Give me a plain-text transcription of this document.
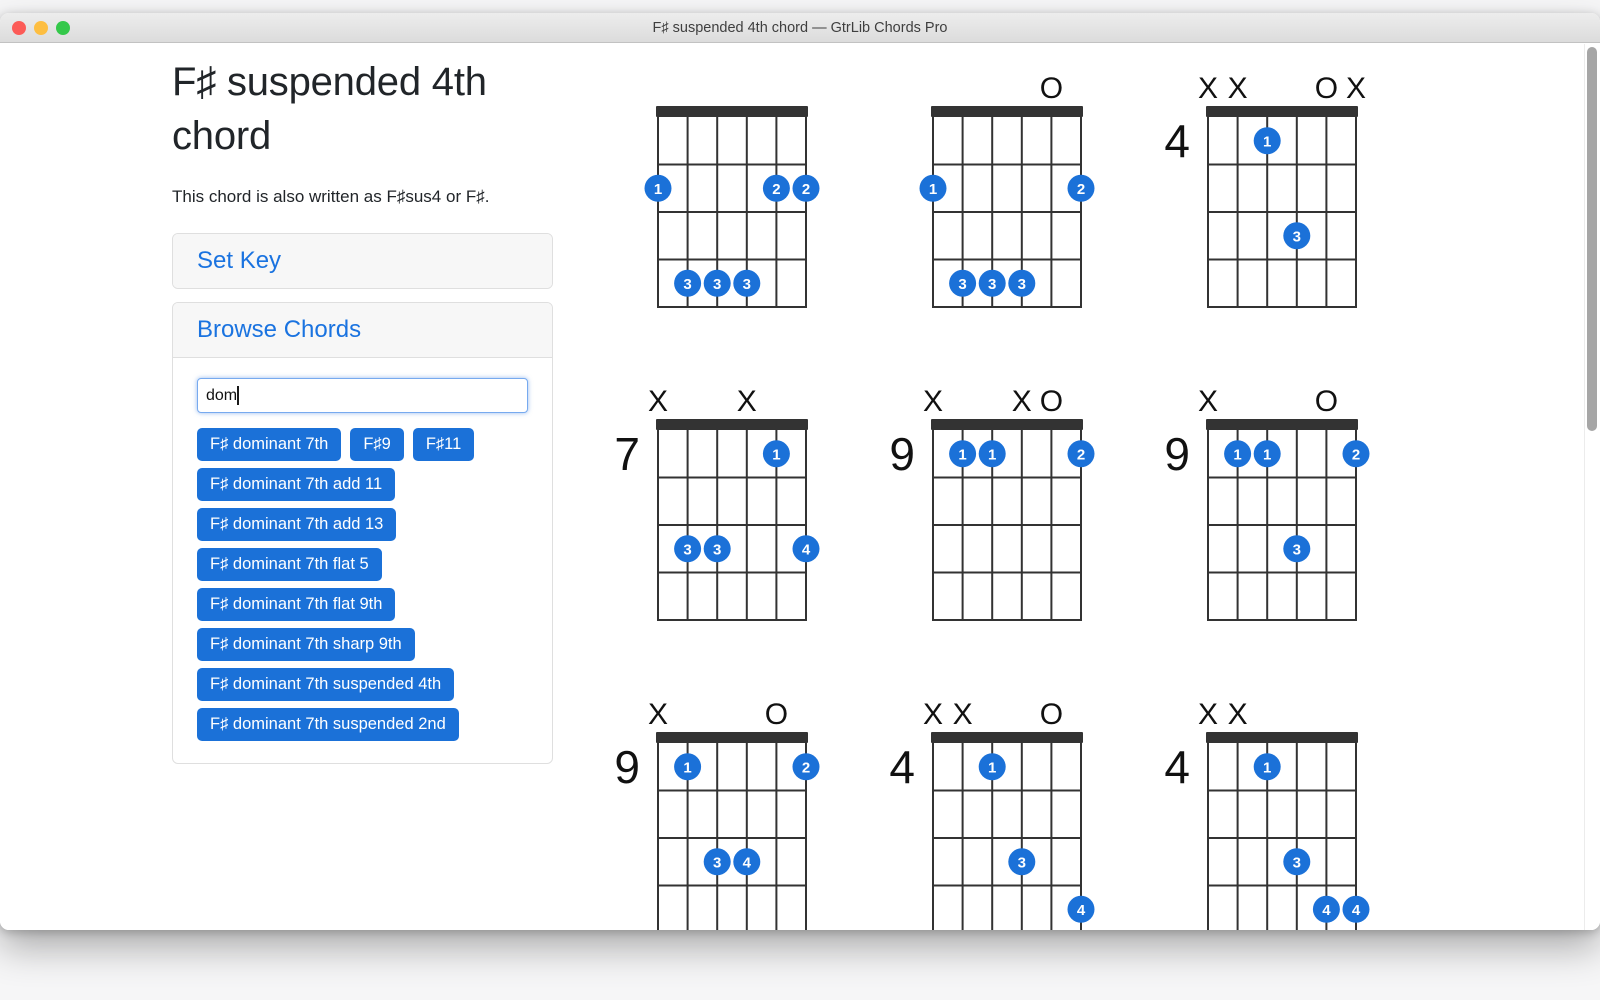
F♯ suspended 4th chord — GtrLib Chords Pro
F♯ suspended 4th chord

This chord is also written as F♯sus4 or F♯.

Set Key
Browse Chords
dom
F♯ dominant 7th	F♯9	F♯11
F♯ dominant 7th add 11
F♯ dominant 7th add 13
F♯ dominant 7th flat 5
F♯ dominant 7th flat 9th
F♯ dominant 7th sharp 9th
F♯ dominant 7th suspended 4th
F♯ dominant 7th suspended 2nd
1	2 2
3 3 3
O
1	2
3 3 3
X X O X
4	1
3
X X
7	1
3 3	4
X X O
9	1 1	2
X	O
9	1 1	2
3
X	O
9	1	2
3 4
X X O
4	1
3
4
X X
4	1
3
4 4
